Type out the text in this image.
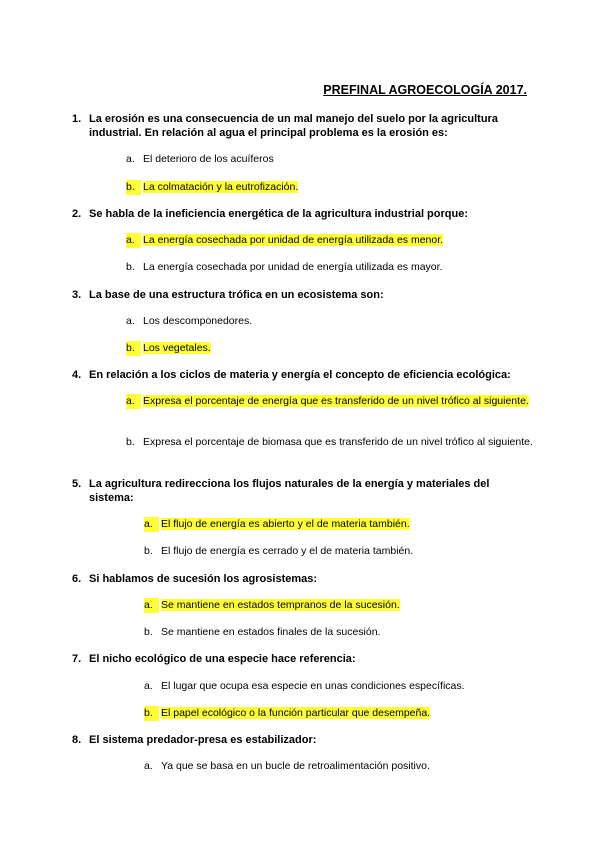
PREFINAL AGROECOLOGÍA 2017.
1. La erosión es una consecuencia de un mal manejo del suelo por la agricultura industrial. En relación al agua el principal problema es la erosión es:
a. El deterioro de los acuíferos
b. La colmatación y la eutrofización.
2. Se habla de la ineficiencia energética de la agricultura industrial porque:
a. La energía cosechada por unidad de energía utilizada es menor.
b. La energía cosechada por unidad de energía utilizada es mayor.
3. La base de una estructura trófica en un ecosistema son:
a. Los descomponedores.
b. Los vegetales.
4. En relación a los ciclos de materia y energía el concepto de eficiencia ecológica:
a. Expresa el porcentaje de energía que es transferido de un nivel trófico al siguiente.
b. Expresa el porcentaje de biomasa que es transferido de un nivel trófico al siguiente.
5. La agricultura redirecciona los flujos naturales de la energía y materiales del sistema:
a. El flujo de energía es abierto y el de materia también.
b. El flujo de energía es cerrado y el de materia también.
6. Si hablamos de sucesión los agrosistemas:
a. Se mantiene en estados tempranos de la sucesión.
b. Se mantiene en estados finales de la sucesión.
7. El nicho ecológico de una especie hace referencia:
a. El lugar que ocupa esa especie en unas condiciones específicas.
b. El papel ecológico o la función particular que desempeña.
8. El sistema predador-presa es estabilizador:
a. Ya que se basa en un bucle de retroalimentación positivo.
